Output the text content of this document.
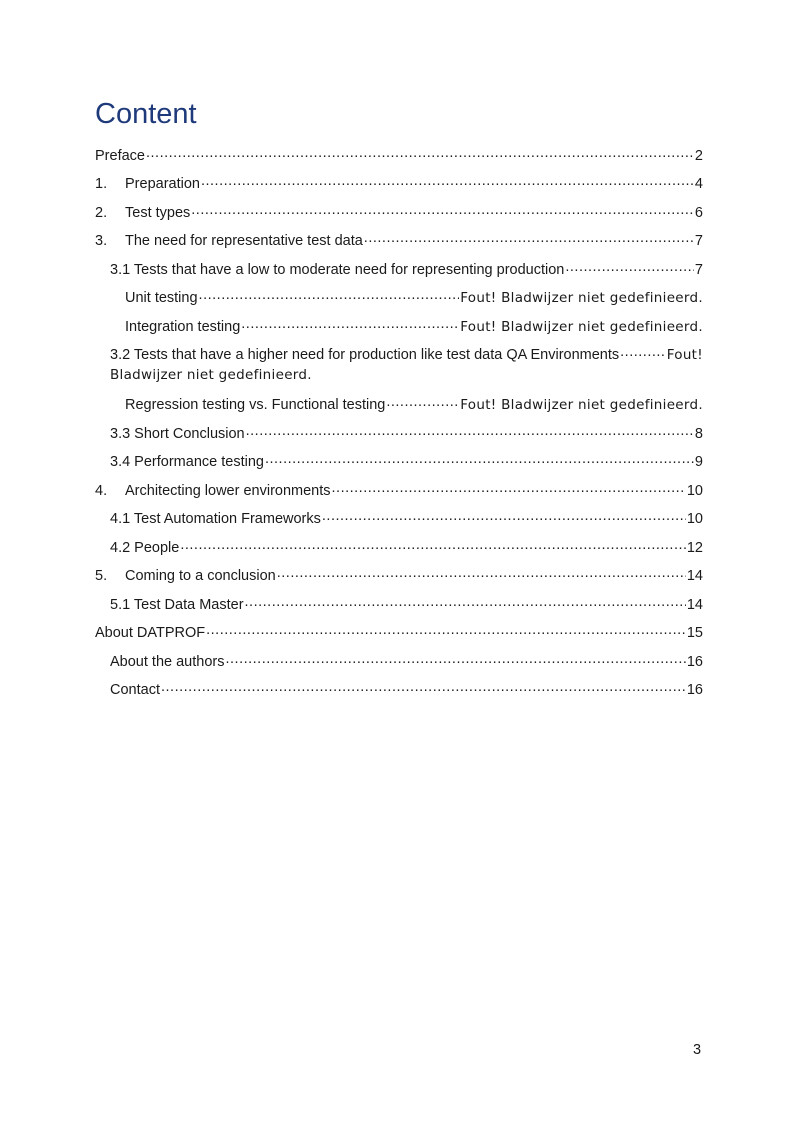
Content
Preface .....	2
1.	Preparation .....	4
2.	Test types .....	6
3.	The need for representative test data .....	7
3.1 Tests that have a low to moderate need for representing production .....	7
Unit testing .....	Fout! Bladwijzer niet gedefinieerd.
Integration testing .....	Fout! Bladwijzer niet gedefinieerd.
3.2 Tests that have a higher need for production like test data QA Environments .....	Fout!
Bladwijzer niet gedefinieerd.
Regression testing vs. Functional testing .....	Fout! Bladwijzer niet gedefinieerd.
3.3 Short Conclusion .....	8
3.4 Performance testing .....	9
4.	Architecting lower environments .....	10
4.1 Test Automation Frameworks .....	10
4.2 People .....	12
5.	Coming to a conclusion .....	14
5.1 Test Data Master .....	14
About DATPROF .....	15
About the authors .....	16
Contact .....	16
3
